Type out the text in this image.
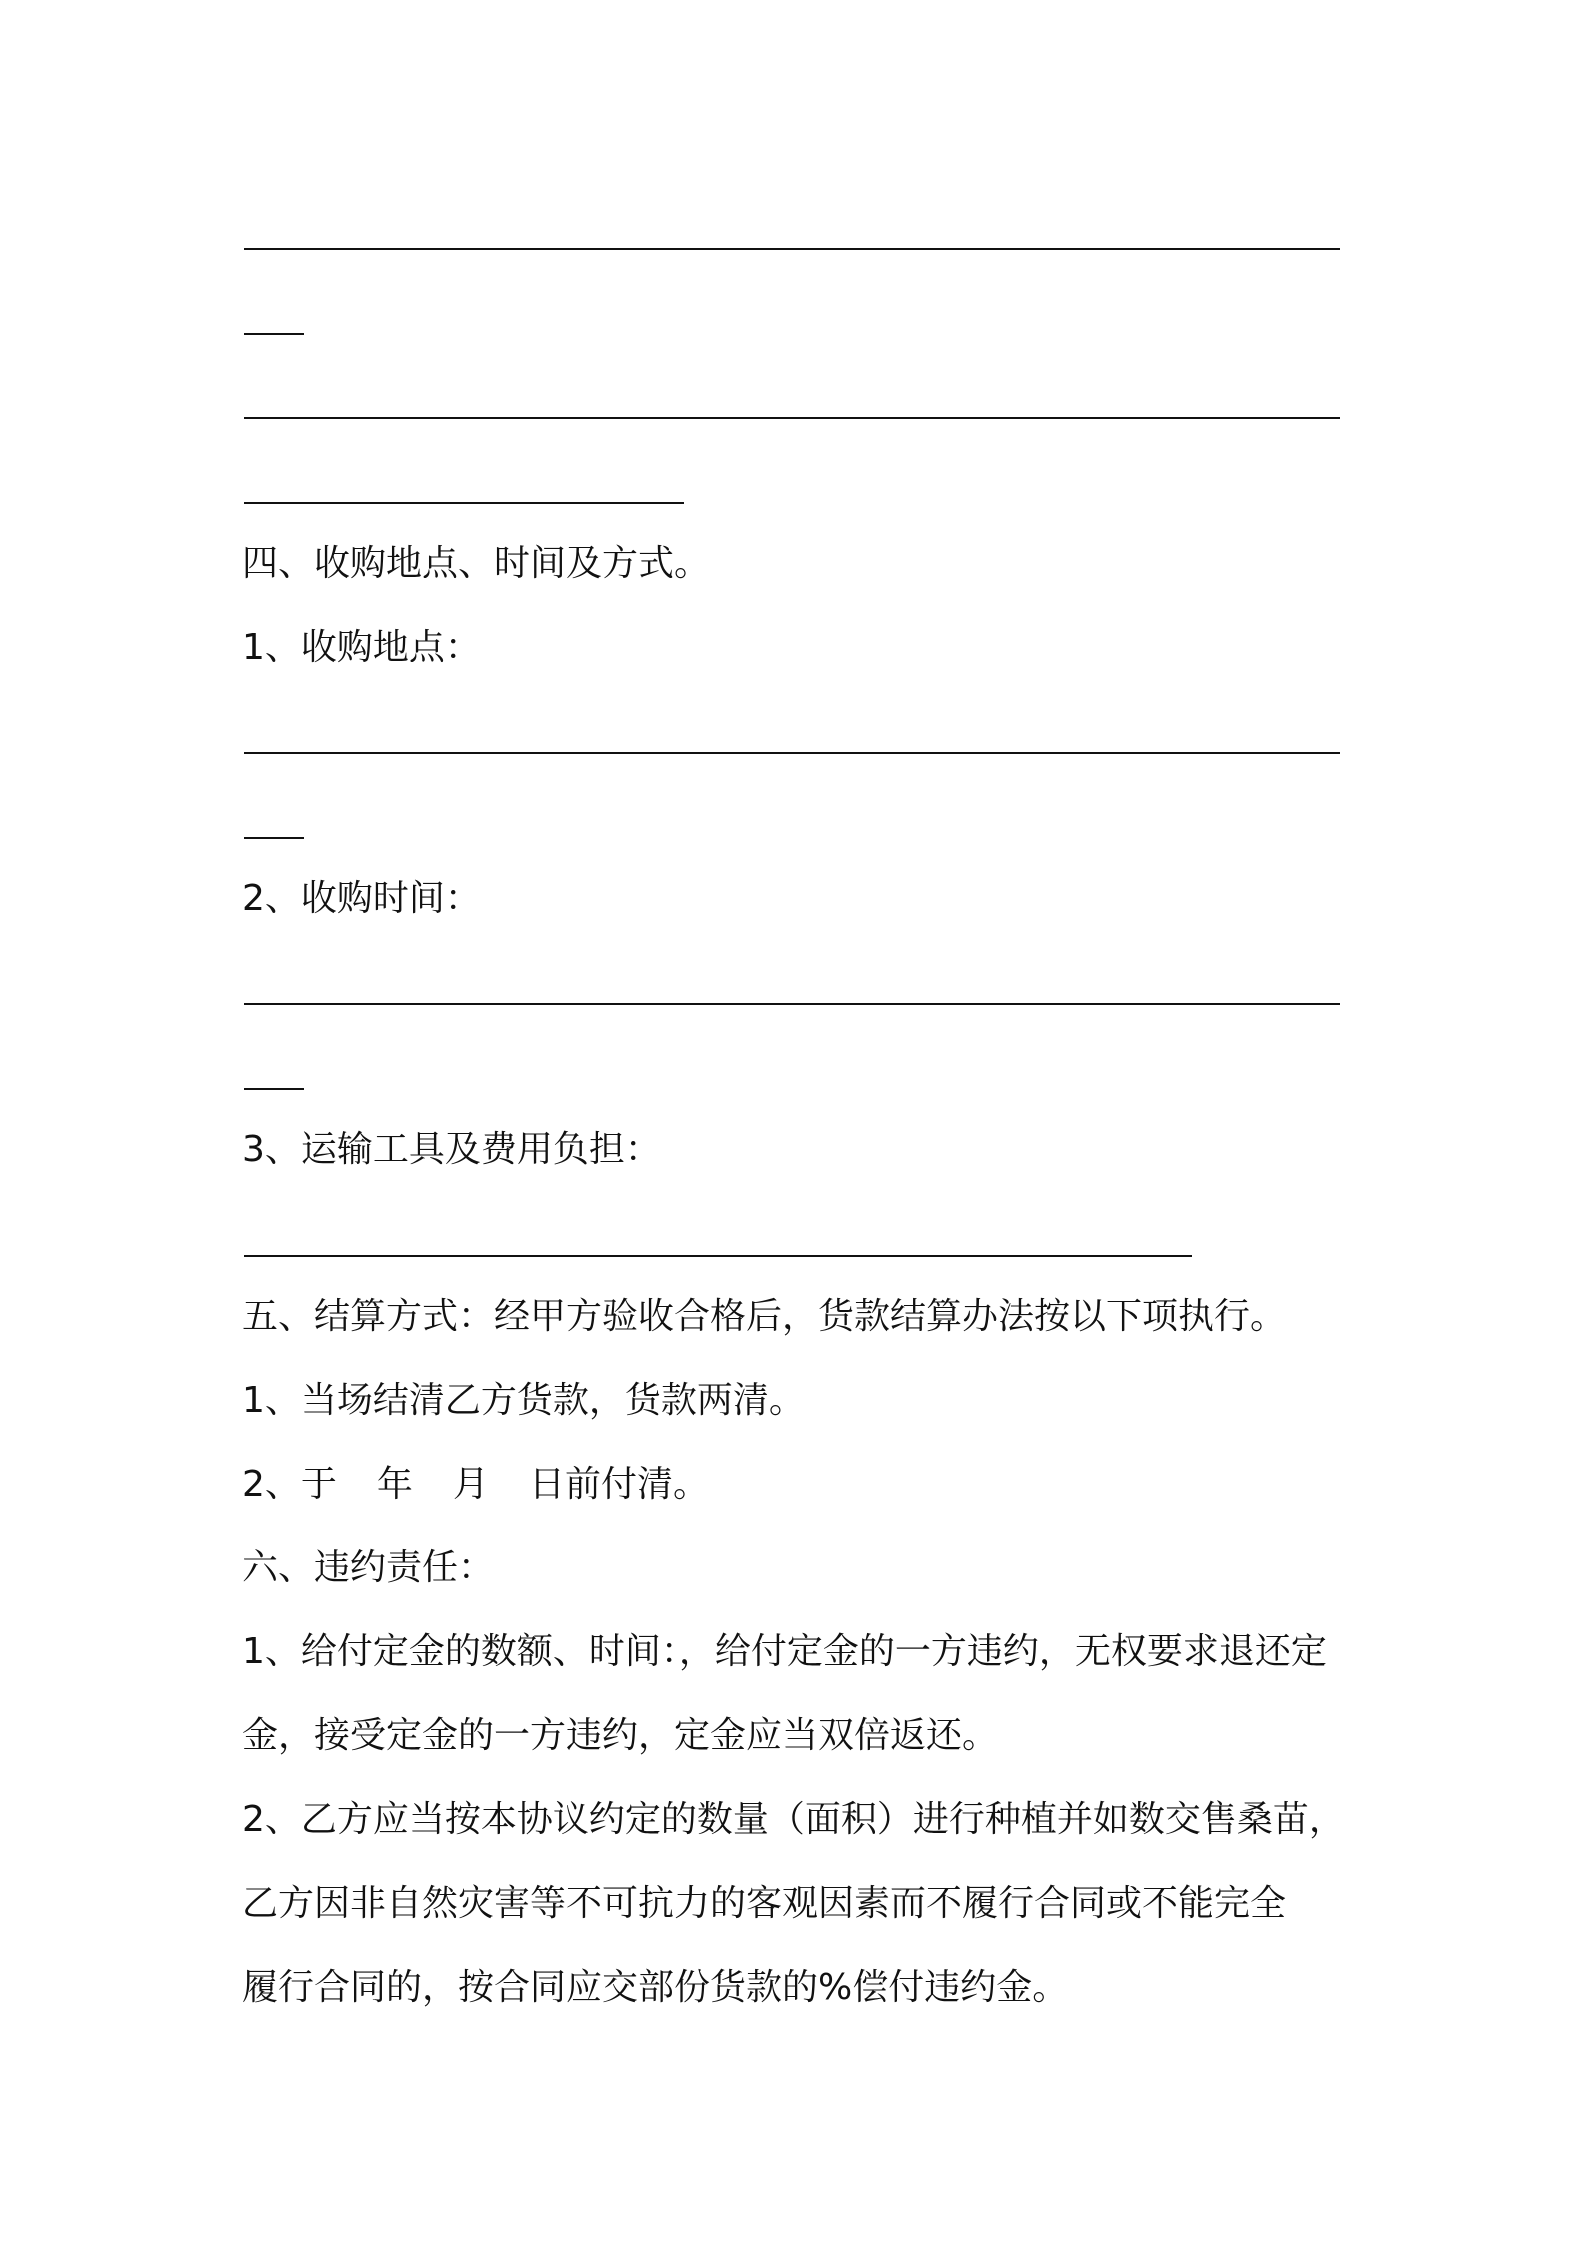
四、收购地点、时间及方式。
1、收购地点：
2、收购时间：
3、运输工具及费用负担：
五、结算方式：经甲方验收合格后，货款结算办法按以下项执行。
1、当场结清乙方货款，货款两清。
2、于 年 月 日前付清。
六、违约责任：
1、给付定金的数额、时间：，给付定金的一方违约，无权要求退还定
金，接受定金的一方违约，定金应当双倍返还。
2、乙方应当按本协议约定的数量（面积）进行种植并如数交售桑苗，
乙方因非自然灾害等不可抗力的客观因素而不履行合同或不能完全
履行合同的，按合同应交部份货款的%偿付违约金。
